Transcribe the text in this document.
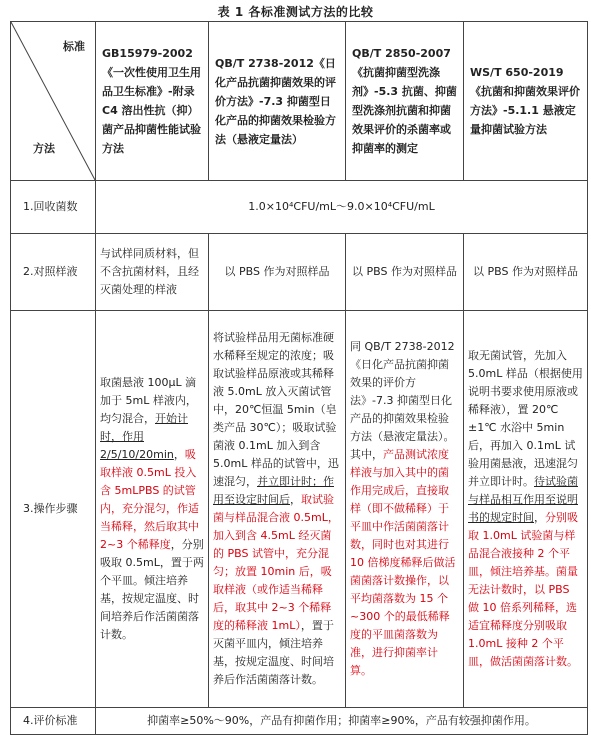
表 1 各标准测试方法的比较
标准
方法	GB15979-2002 《一次性使用卫生用品卫生标准》-附录 C4 溶出性抗（抑）菌产品抑菌性能试验方法	QB/T 2738-2012《日化产品抗菌抑菌效果的评价方法》-7.3 抑菌型日化产品的抑菌效果检验方法（悬液定量法）	QB/T 2850-2007《抗菌抑菌型洗涤剂》-5.3 抗菌、抑菌型洗涤剂抗菌和抑菌效果评价的杀菌率或抑菌率的测定	WS/T 650-2019《抗菌和抑菌效果评价方法》-5.1.1 悬液定量抑菌试验方法
1.回收菌数	1.0×10⁴CFU/mL～9.0×10⁴CFU/mL			
2.对照样液	与试样同质材料，但不含抗菌材料，且经灭菌处理的样液	以 PBS 作为对照样品	以 PBS 作为对照样品	以 PBS 作为对照样品
3.操作步骤	取菌悬液 100μL 滴加于 5mL 样液内，均匀混合，开始计时，作用2/5/10/20min，吸取样液 0.5mL 投入含 5mLPBS 的试管内，充分混匀，作适当稀释，然后取其中 2~3 个稀释度，分别吸取 0.5mL，置于两个平皿。倾注培养基，按规定温度、时间培养后作活菌菌落计数。	将试验样品用无菌标准硬水稀释至规定的浓度；吸取试验样品原液或其稀释液 5.0mL 放入灭菌试管中，20℃恒温 5min（皂类产品 30℃）；吸取试验菌液 0.1mL 加入到含 5.0mL 样品的试管中，迅速混匀，并立即计时；作用至设定时间后，取试验菌与样品混合液 0.5mL，加入到含 4.5mL 经灭菌的 PBS 试管中，充分混匀；放置 10min 后，吸取样液（或作适当稀释后，取其中 2~3 个稀释度的稀释液 1mL），置于灭菌平皿内，倾注培养基，按规定温度、时间培养后作活菌菌落计数。	同 QB/T 2738-2012《日化产品抗菌抑菌效果的评价方法》-7.3 抑菌型日化产品的抑菌效果检验方法（悬液定量法）。其中，产品测试浓度样液与加入其中的菌作用完成后，直接取样（即不做稀释）于平皿中作活菌菌落计数，同时也对其进行 10 倍梯度稀释后做活菌菌落计数操作，以平均菌落数为 15 个~300 个的最低稀释度的平皿菌落数为准，进行抑菌率计算。	取无菌试管，先加入 5.0mL 样品（根据使用说明书要求使用原液或稀释液），置 20℃±1℃ 水浴中 5min 后，再加入 0.1mL 试验用菌悬液，迅速混匀并立即计时。待试验菌与样品相互作用至说明书的规定时间，分别吸取 1.0mL 试验菌与样品混合液接种 2 个平皿，倾注培养基。菌量无法计数时，以 PBS 做 10 倍系列稀释，选适宜稀释度分别吸取 1.0mL 接种 2 个平皿，做活菌菌落计数。
4.评价标准	抑菌率≥50%～90%，产品有抑菌作用；抑菌率≥90%，产品有较强抑菌作用。			
